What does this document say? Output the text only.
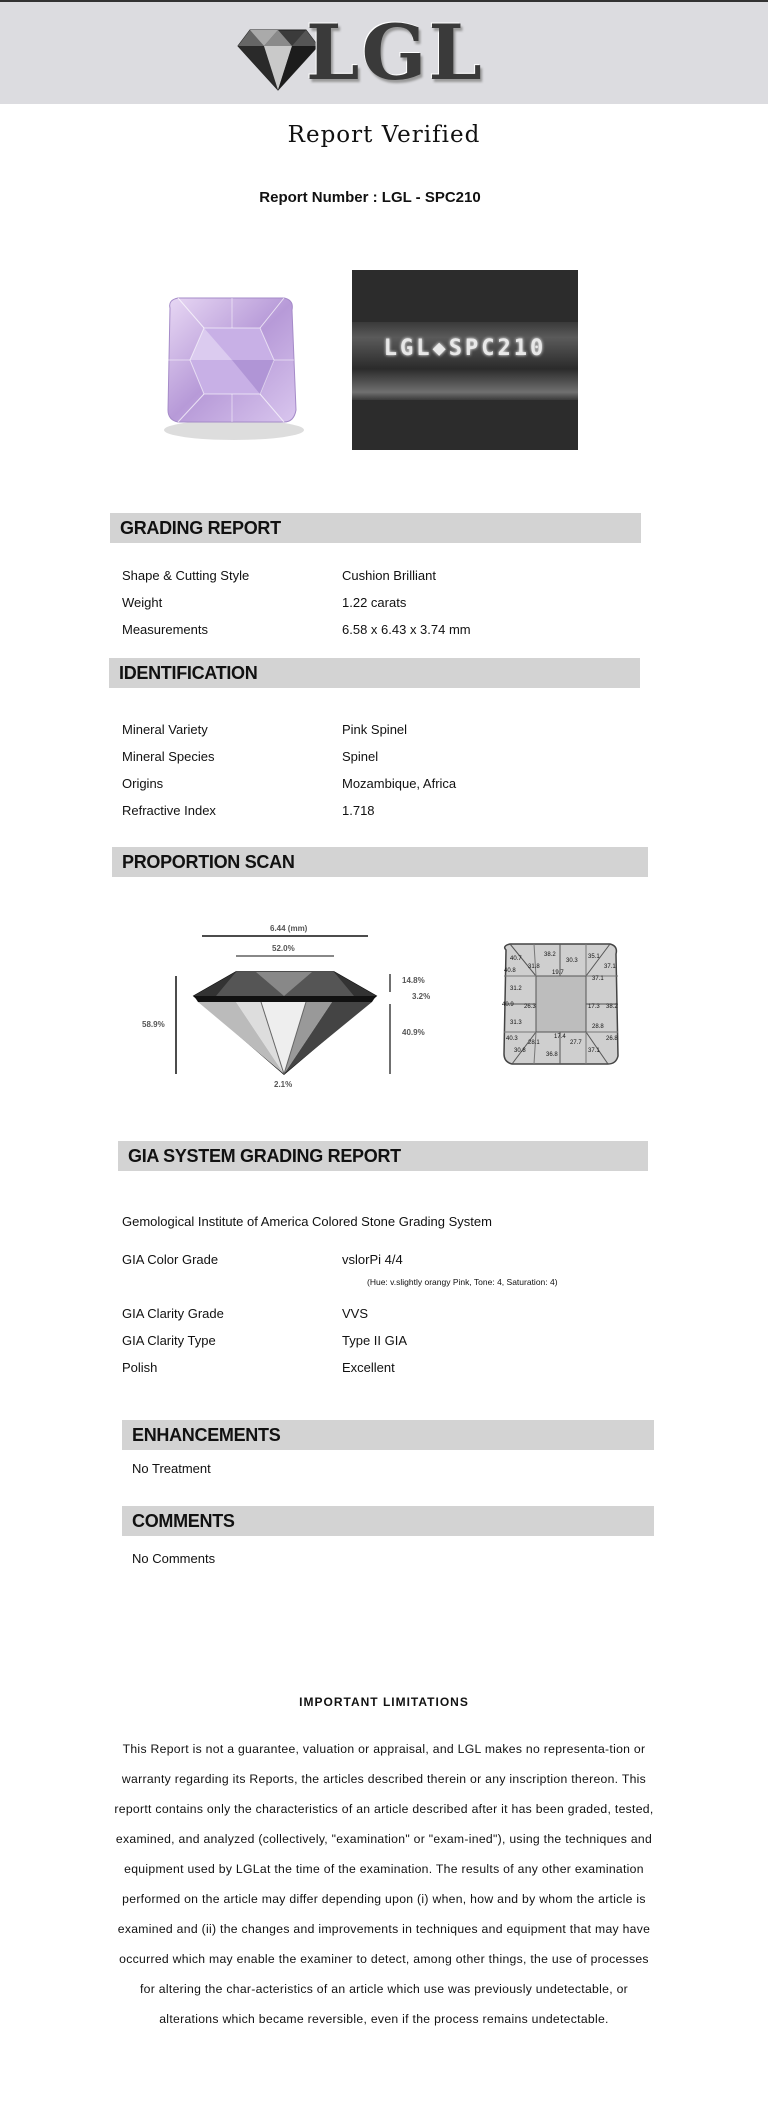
LGL
Report Verified
Report Number : LGL - SPC210
LGL◆SPC210
GRADING REPORT
Shape & Cutting Style	Cushion Brilliant
Weight	1.22 carats
Measurements	6.58 x 6.43 x 3.74 mm
IDENTIFICATION
Mineral Variety	Pink Spinel
Mineral Species	Spinel
Origins	Mozambique, Africa
Refractive Index	1.718
PROPORTION SCAN
6.44 (mm)
52.0%
58.9%
14.8%
3.2%
40.9%
2.1%
40.7
31.8
38.2
30.3
35.1
37.1
40.8	19.7
37.1
31.2
40.9 26.3	17.3 38.2
31.3
17.4
28.8
40.3
28.1	27.7
26.8
30.8
36.8
37.1
GIA SYSTEM GRADING REPORT
Gemological Institute of America Colored Stone Grading System
GIA Color Grade	vslorPi 4/4
(Hue: v.slightly orangy Pink, Tone: 4, Saturation: 4)
GIA Clarity Grade	VVS
GIA Clarity Type	Type II GIA
Polish	Excellent
ENHANCEMENTS
No Treatment
COMMENTS
No Comments
IMPORTANT LIMITATIONS
This Report is not a guarantee, valuation or appraisal, and LGL makes no representa-tion or warranty regarding its Reports, the articles described therein or any inscription thereon. This reportt contains only the characteristics of an article described after it has been graded, tested, examined, and analyzed (collectively, "examination" or "exam-ined"), using the techniques and equipment used by LGLat the time of the examination. The results of any other examination performed on the article may differ depending upon (i) when, how and by whom the article is examined and (ii) the changes and improvements in techniques and equipment that may have occurred which may enable the examiner to detect, among other things, the use of processes for altering the char-acteristics of an article which use was previously undetectable, or alterations which became reversible, even if the process remains undetectable.
